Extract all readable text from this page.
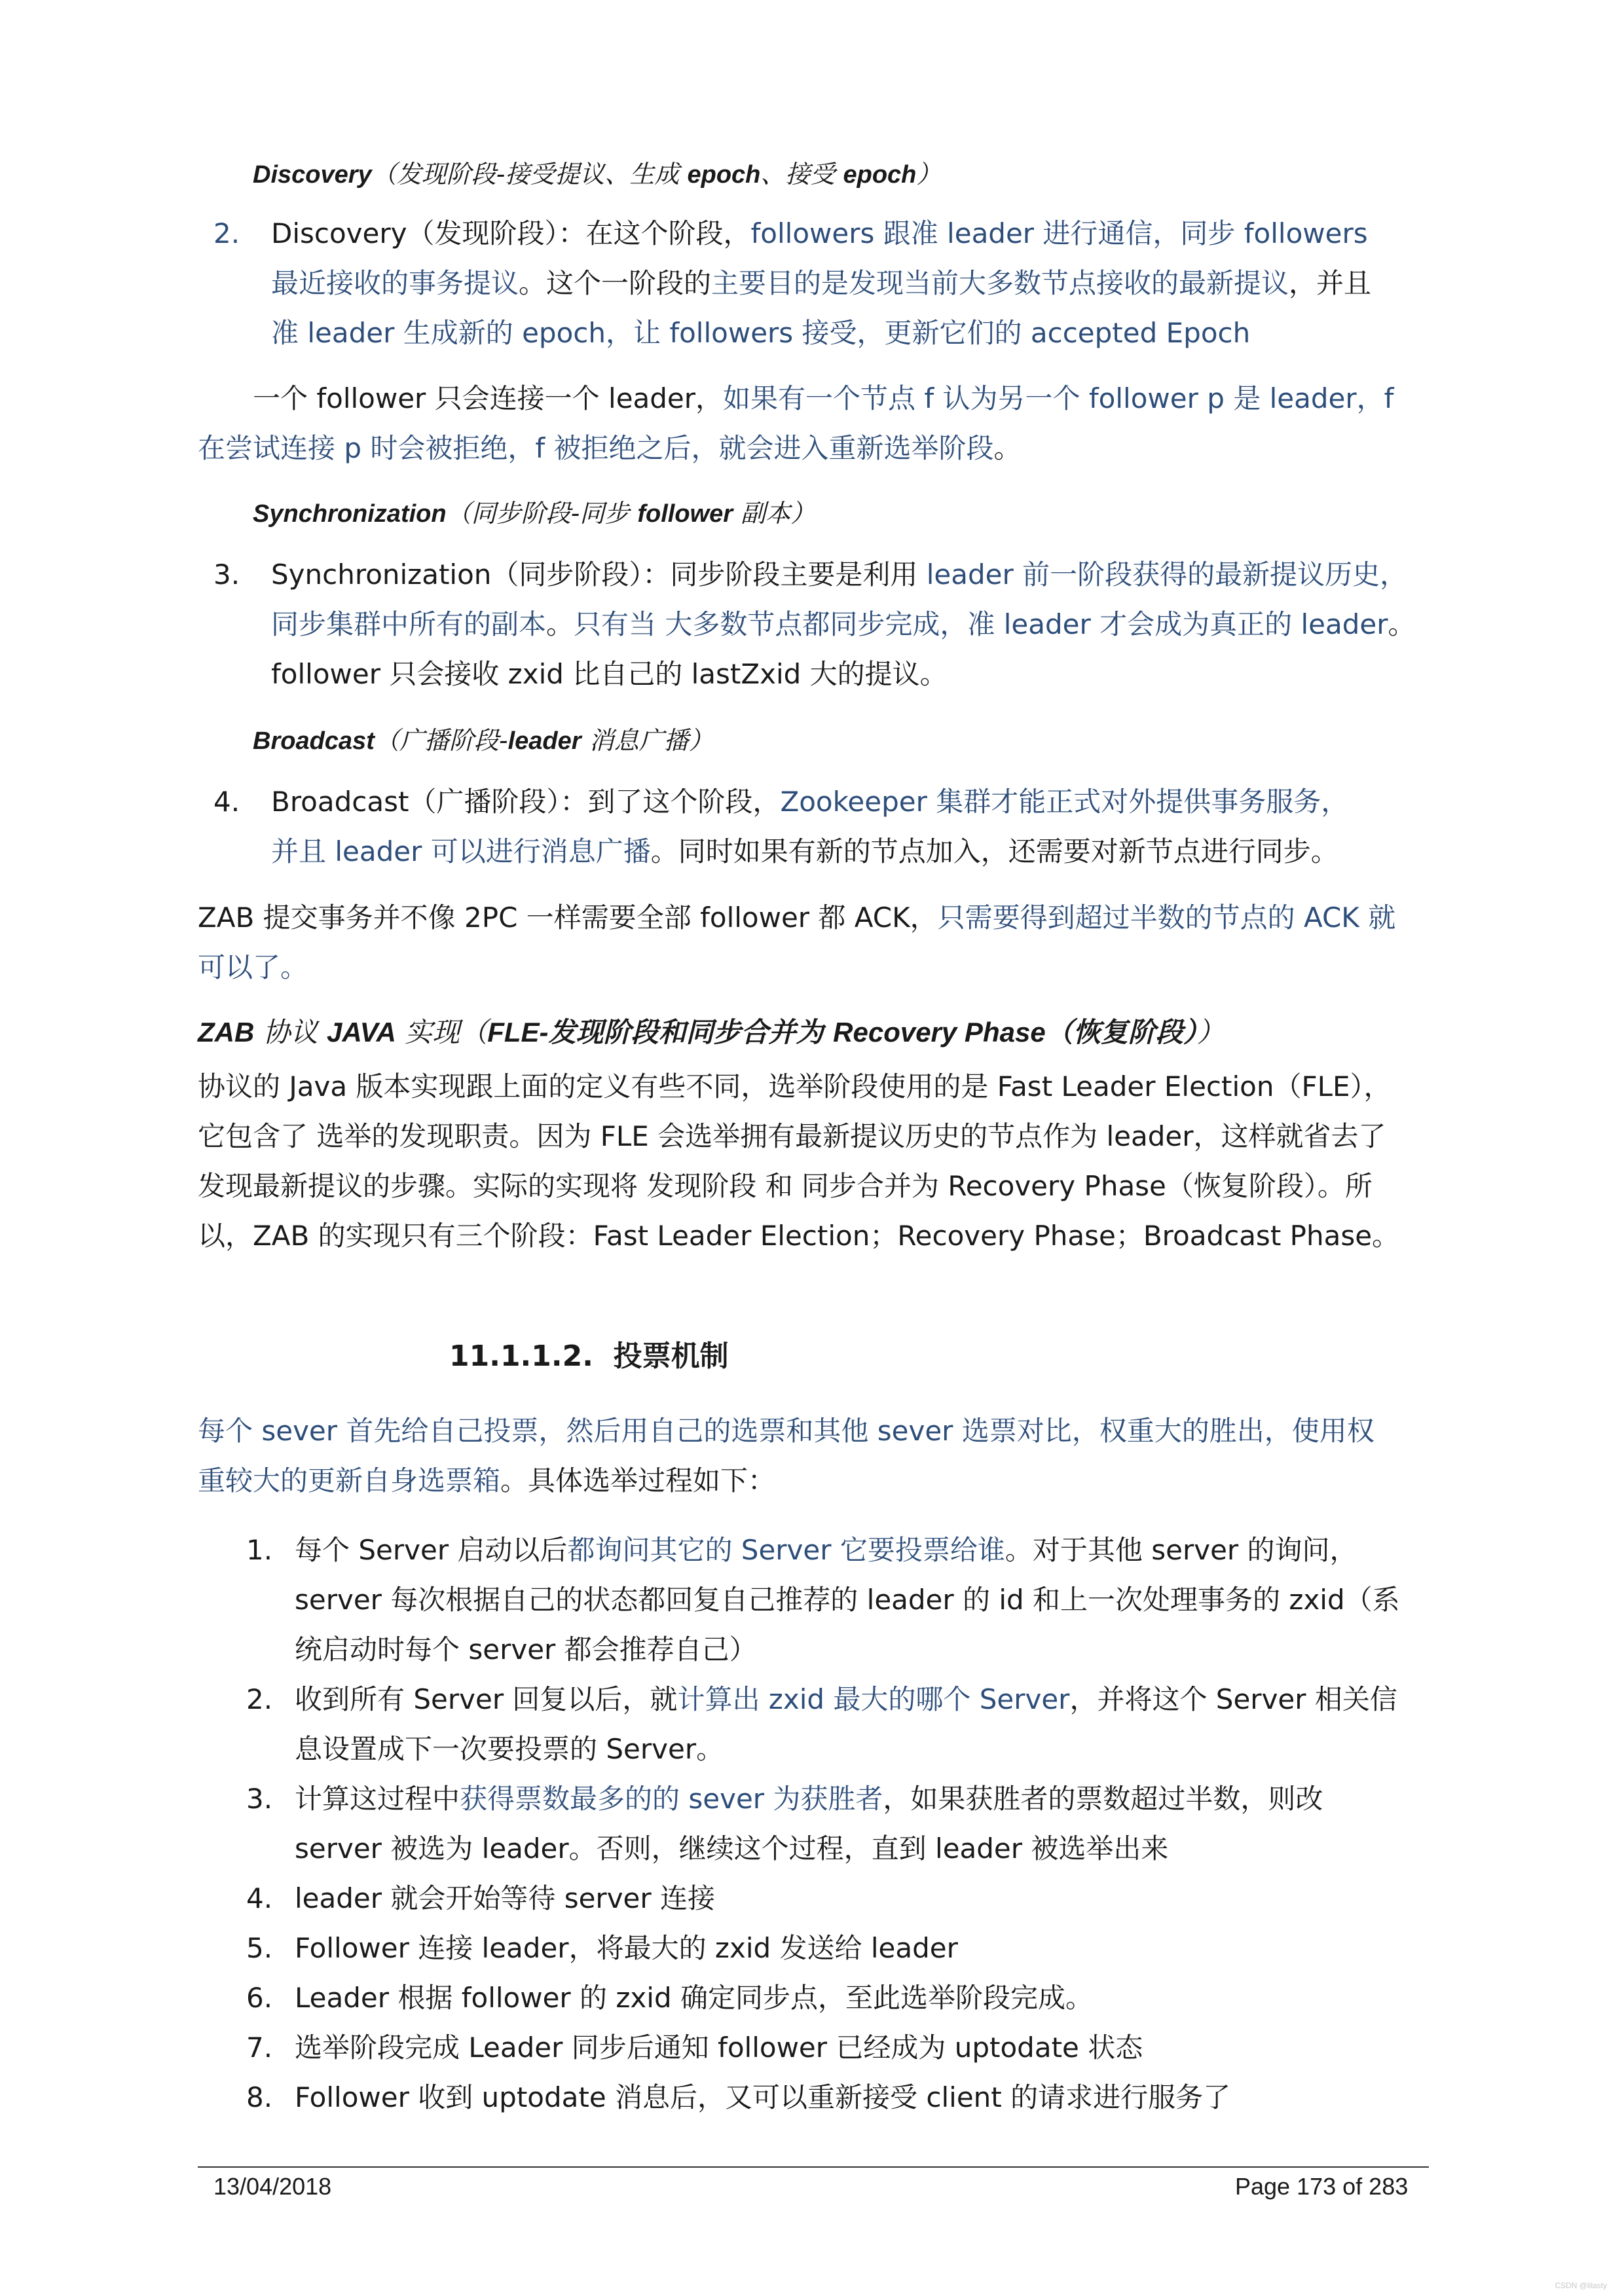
Discovery（发现阶段-接受提议、生成 epoch、接受 epoch）
2. Discovery（发现阶段）：在这个阶段，followers 跟准 leader 进行通信，同步 followers
最近接收的事务提议。这个一阶段的主要目的是发现当前大多数节点接收的最新提议，并且
准 leader 生成新的 epoch，让 followers 接受，更新它们的 accepted Epoch
一个 follower 只会连接一个 leader，如果有一个节点 f 认为另一个 follower p 是 leader，f
在尝试连接 p 时会被拒绝，f 被拒绝之后，就会进入重新选举阶段。
Synchronization（同步阶段-同步 follower 副本）
3. Synchronization（同步阶段）：同步阶段主要是利用 leader 前一阶段获得的最新提议历史，
同步集群中所有的副本。只有当 大多数节点都同步完成，准 leader 才会成为真正的 leader。
follower 只会接收 zxid 比自己的 lastZxid 大的提议。
Broadcast（广播阶段-leader 消息广播）
4. Broadcast（广播阶段）：到了这个阶段，Zookeeper 集群才能正式对外提供事务服务，
并且 leader 可以进行消息广播。同时如果有新的节点加入，还需要对新节点进行同步。
ZAB 提交事务并不像 2PC 一样需要全部 follower 都 ACK，只需要得到超过半数的节点的 ACK 就
可以了。
ZAB 协议 JAVA 实现（FLE-发现阶段和同步合并为 Recovery Phase（恢复阶段））
协议的 Java 版本实现跟上面的定义有些不同，选举阶段使用的是 Fast Leader Election（FLE），
它包含了 选举的发现职责。因为 FLE 会选举拥有最新提议历史的节点作为 leader，这样就省去了
发现最新提议的步骤。实际的实现将 发现阶段 和 同步合并为 Recovery Phase（恢复阶段）。所
以，ZAB 的实现只有三个阶段：Fast Leader Election；Recovery Phase；Broadcast Phase。
11.1.1.2. 投票机制
每个 sever 首先给自己投票，然后用自己的选票和其他 sever 选票对比，权重大的胜出，使用权
重较大的更新自身选票箱。具体选举过程如下：
1. 每个 Server 启动以后都询问其它的 Server 它要投票给谁。对于其他 server 的询问，
server 每次根据自己的状态都回复自己推荐的 leader 的 id 和上一次处理事务的 zxid（系
统启动时每个 server 都会推荐自己）
2. 收到所有 Server 回复以后，就计算出 zxid 最大的哪个 Server，并将这个 Server 相关信
息设置成下一次要投票的 Server。
3. 计算这过程中获得票数最多的的 sever 为获胜者，如果获胜者的票数超过半数，则改
server 被选为 leader。否则，继续这个过程，直到 leader 被选举出来
4. leader 就会开始等待 server 连接
5. Follower 连接 leader，将最大的 zxid 发送给 leader
6. Leader 根据 follower 的 zxid 确定同步点，至此选举阶段完成。
7. 选举阶段完成 Leader 同步后通知 follower 已经成为 uptodate 状态
8. Follower 收到 uptodate 消息后，又可以重新接受 client 的请求进行服务了
13/04/2018	Page 173 of 283
CSDN @lilasty
